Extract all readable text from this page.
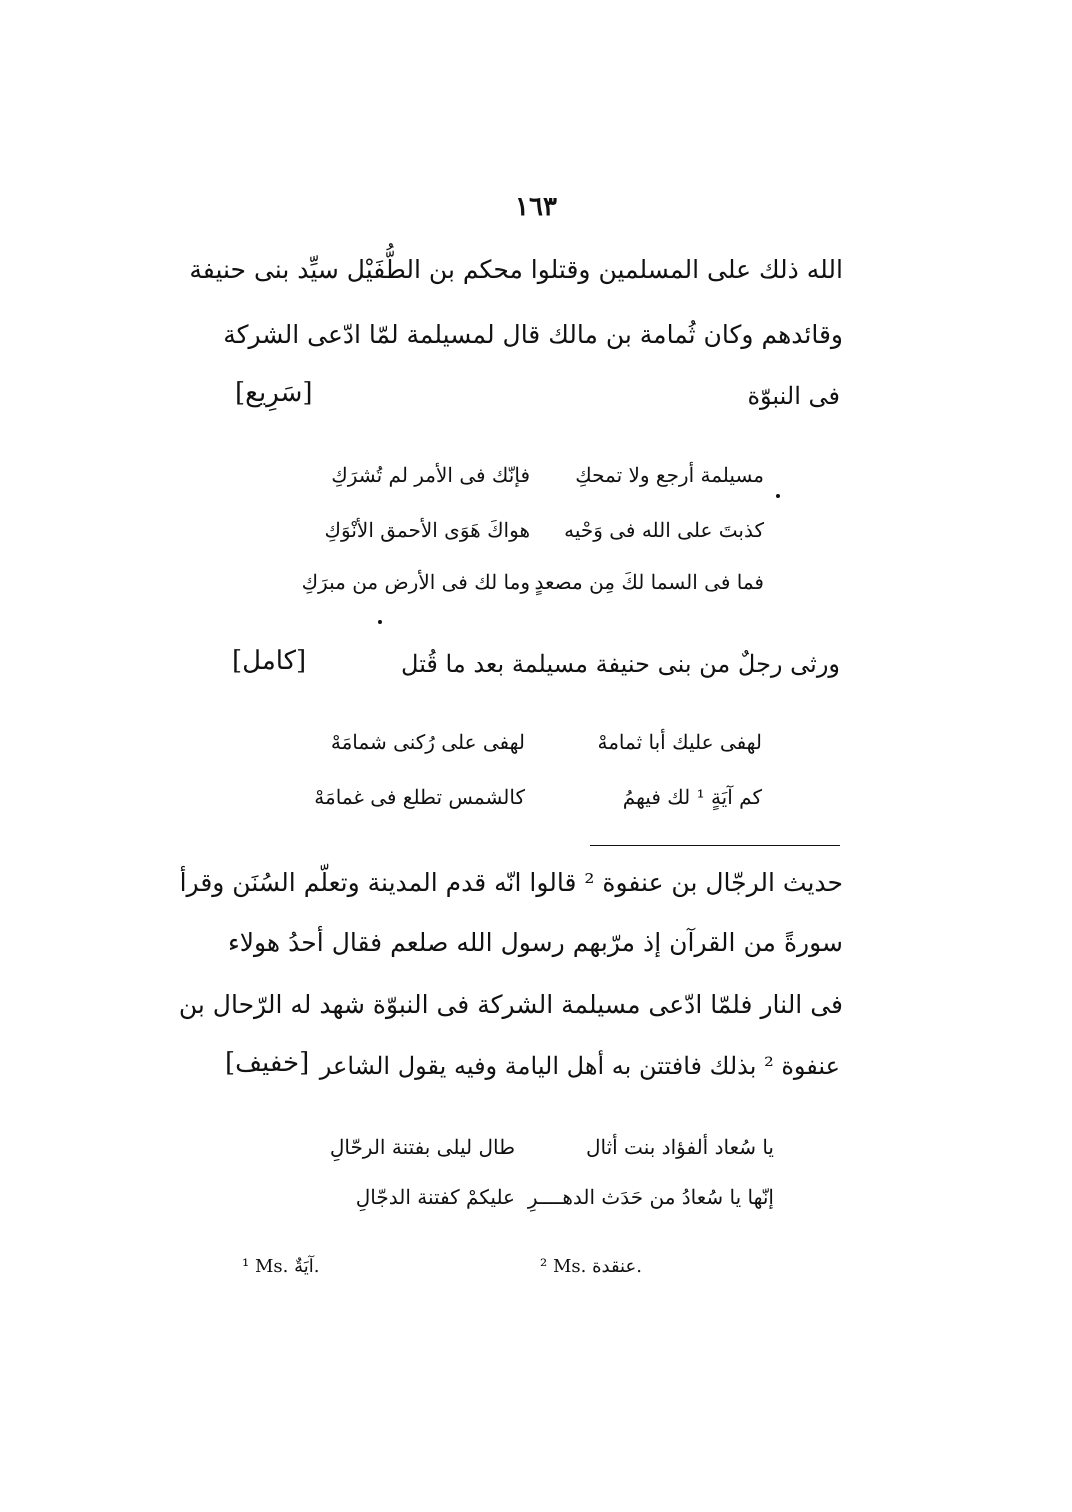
١٦٣
الله ذلك على المسلمين وقتلوا محكم بن الطُّفَيْل سيِّد بنى حنيفة
وقائدهم وكان ثُمامة بن مالك قال لمسيلمة لمّا ادّعى الشركة
فى النبوّة
[سَرِيع]
مسيلمة أرجع ولا تمحكِ
فإنّك فى الأمر لم تُشرَكِ
كذبتَ على الله فى وَحْيه
هواكَ هَوَى الأحمق الأنْوَكِ
فما فى السما لكَ مِن مصعدٍ
وما لك فى الأرض من مبرَكِ
ورثى رجلٌ من بنى حنيفة مسيلمة بعد ما قُتل
[كامل]
لهفى عليك أبا ثمامهْ
لهفى على رُكنى شمامَهْ
كم آيَةٍ ¹ لك فيهمُ
كالشمس تطلع فى غمامَهْ
حديث الرجّال بن عنفوة ² قالوا انّه قدم المدينة وتعلّم السُنَن وقرأ
سورةً من القرآن إذ مرّبهم رسول الله صلعم فقال أحدُ هولاء
فى النار فلمّا ادّعى مسيلمة الشركة فى النبوّة شهد له الرّحال بن
عنفوة ² بذلك فافتتن به أهل اليامة وفيه يقول الشاعر
[خفيف]
يا سُعاد ألفؤاد بنت أثال
طال ليلى بفتنة الرحّالِ
إنّها يا سُعادُ من حَدَث الدهــــرِ
عليكمْ كفتنة الدجّالِ
¹ Ms. آيَةٌ.	² Ms. عنقدة.
